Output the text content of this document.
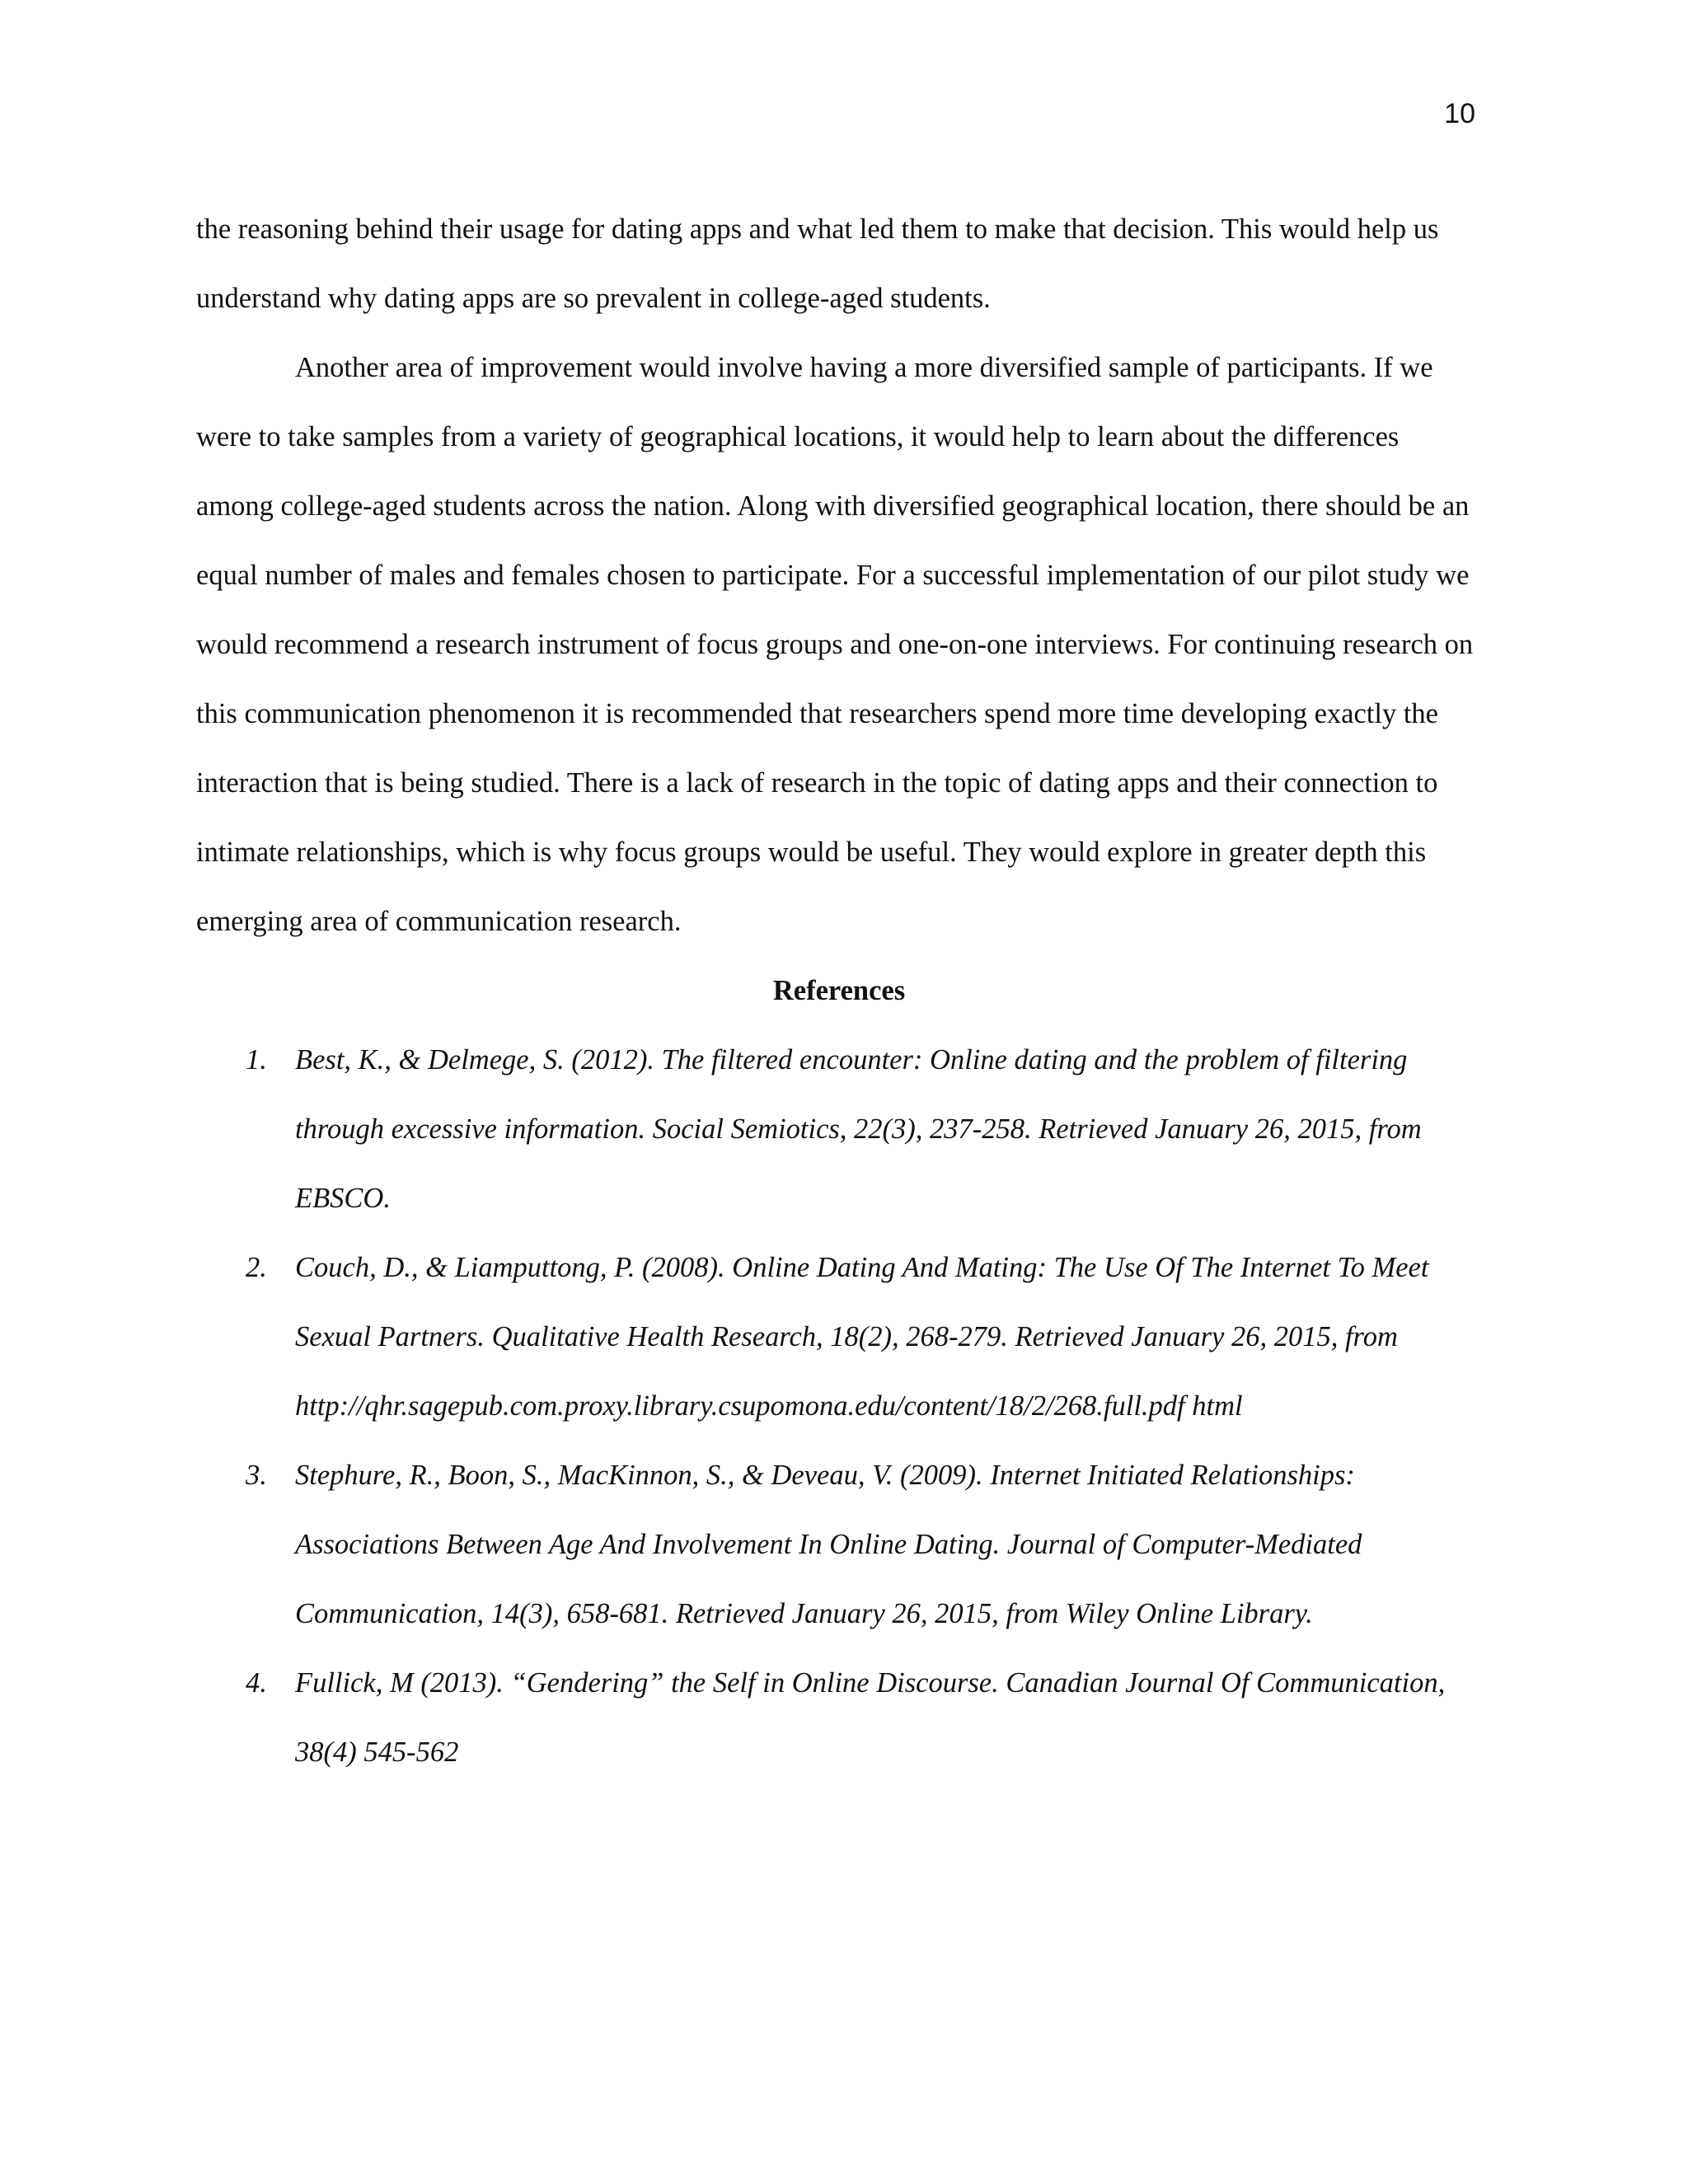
10

the reasoning behind their usage for dating apps and what led them to make that decision. This would help us understand why dating apps are so prevalent in college-aged students.

Another area of improvement would involve having a more diversified sample of participants. If we were to take samples from a variety of geographical locations, it would help to learn about the differences among college-aged students across the nation. Along with diversified geographical location, there should be an equal number of males and females chosen to participate. For a successful implementation of our pilot study we would recommend a research instrument of focus groups and one-on-one interviews. For continuing research on this communication phenomenon it is recommended that researchers spend more time developing exactly the interaction that is being studied. There is a lack of research in the topic of dating apps and their connection to intimate relationships, which is why focus groups would be useful. They would explore in greater depth this emerging area of communication research.

References
1. Best, K., & Delmege, S. (2012). The filtered encounter: Online dating and the problem of filtering through excessive information. Social Semiotics, 22(3), 237-258. Retrieved January 26, 2015, from EBSCO.
2. Couch, D., & Liamputtong, P. (2008). Online Dating And Mating: The Use Of The Internet To Meet Sexual Partners. Qualitative Health Research, 18(2), 268-279. Retrieved January 26, 2015, from http://qhr.sagepub.com.proxy.library.csupomona.edu/content/18/2/268.full.pdf html
3. Stephure, R., Boon, S., MacKinnon, S., & Deveau, V. (2009). Internet Initiated Relationships: Associations Between Age And Involvement In Online Dating. Journal of Computer-Mediated Communication, 14(3), 658-681. Retrieved January 26, 2015, from Wiley Online Library.
4. Fullick, M (2013). “Gendering” the Self in Online Discourse. Canadian Journal Of Communication, 38(4) 545-562
